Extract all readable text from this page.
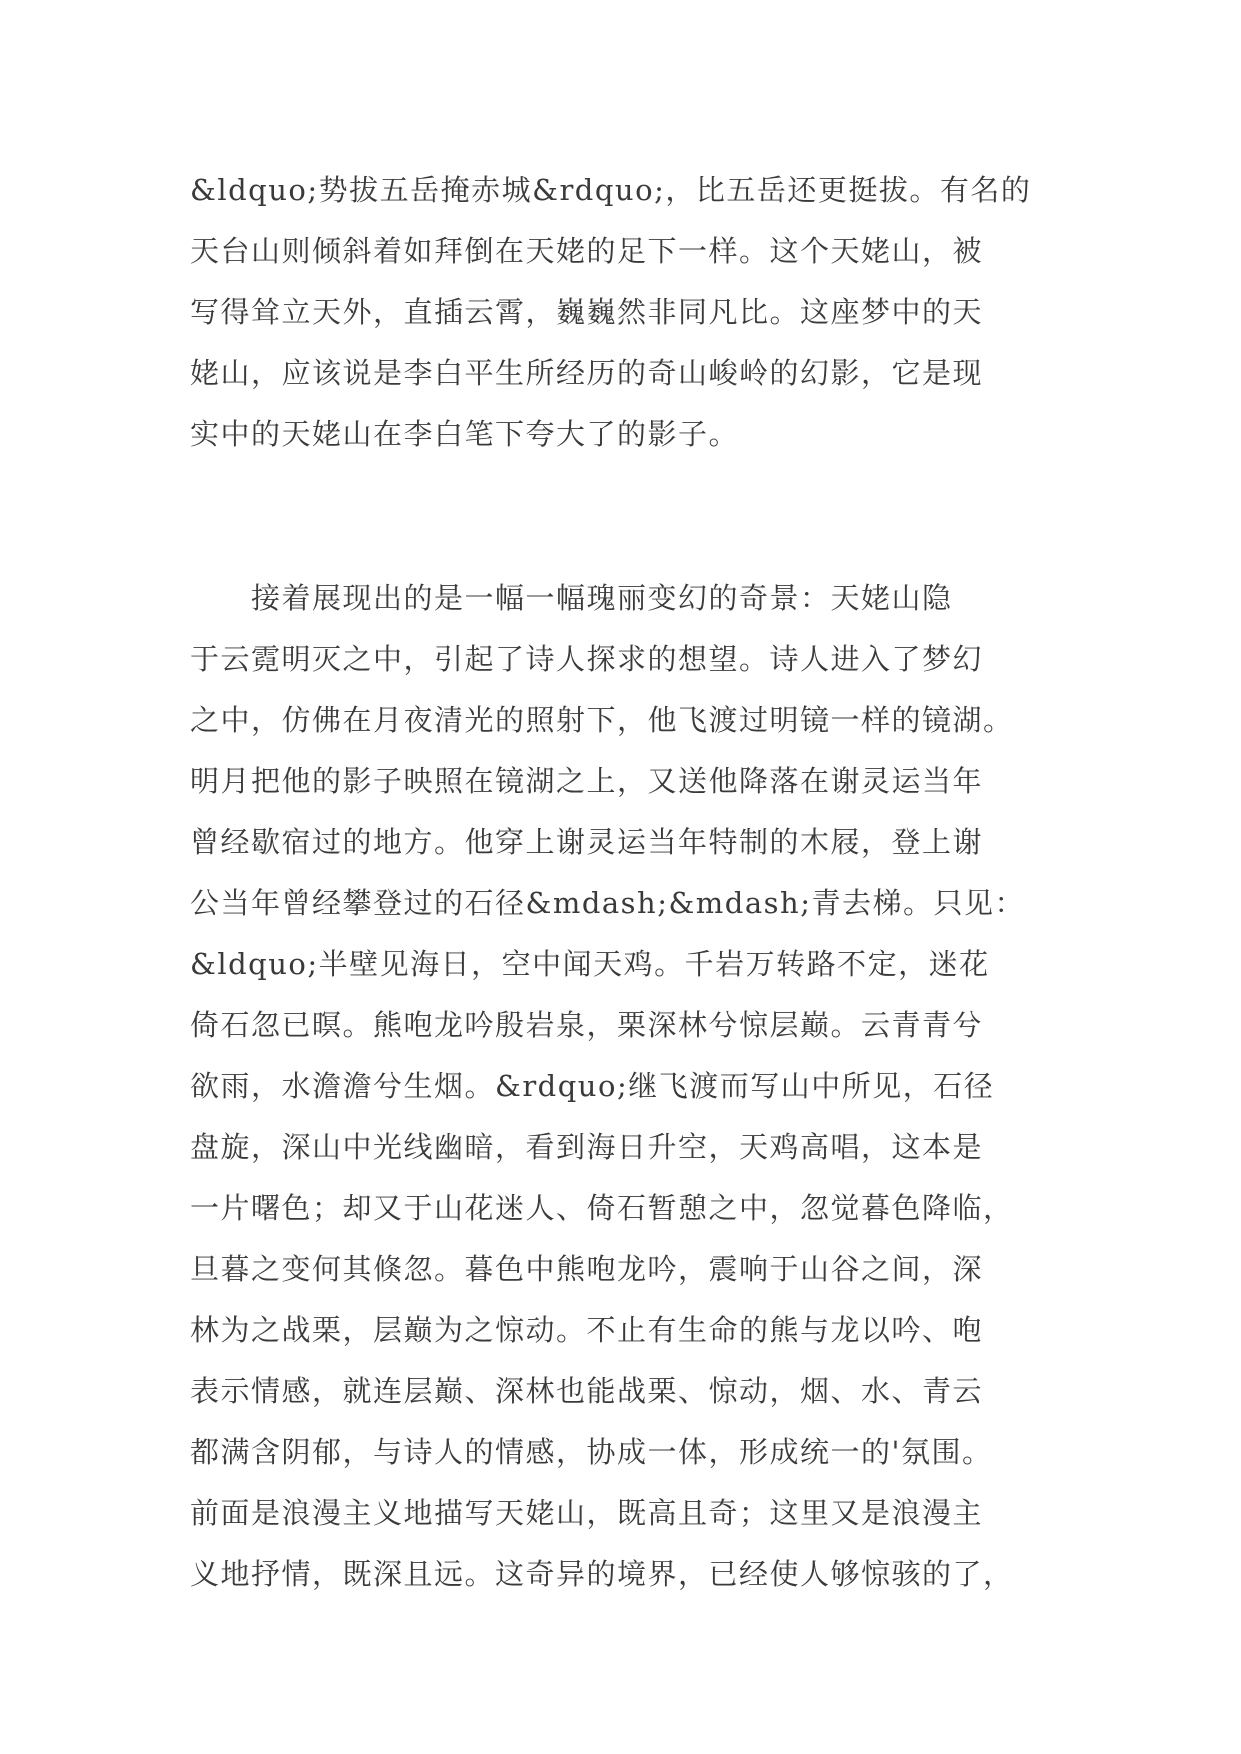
&ldquo;势拔五岳掩赤城&rdquo;，比五岳还更挺拔。有名的
天台山则倾斜着如拜倒在天姥的足下一样。这个天姥山，被
写得耸立天外，直插云霄，巍巍然非同凡比。这座梦中的天
姥山，应该说是李白平生所经历的奇山峻岭的幻影，它是现
实中的天姥山在李白笔下夸大了的影子。
　　接着展现出的是一幅一幅瑰丽变幻的奇景：天姥山隐
于云霓明灭之中，引起了诗人探求的想望。诗人进入了梦幻
之中，仿佛在月夜清光的照射下，他飞渡过明镜一样的镜湖。
明月把他的影子映照在镜湖之上，又送他降落在谢灵运当年
曾经歇宿过的地方。他穿上谢灵运当年特制的木屐，登上谢
公当年曾经攀登过的石径&mdash;&mdash;青去梯。只见：
&ldquo;半壁见海日，空中闻天鸡。千岩万转路不定，迷花
倚石忽已暝。熊咆龙吟殷岩泉，栗深林兮惊层巅。云青青兮
欲雨，水澹澹兮生烟。&rdquo;继飞渡而写山中所见，石径
盘旋，深山中光线幽暗，看到海日升空，天鸡高唱，这本是
一片曙色；却又于山花迷人、倚石暂憩之中，忽觉暮色降临，
旦暮之变何其倏忽。暮色中熊咆龙吟，震响于山谷之间，深
林为之战栗，层巅为之惊动。不止有生命的熊与龙以吟、咆
表示情感，就连层巅、深林也能战栗、惊动，烟、水、青云
都满含阴郁，与诗人的情感，协成一体，形成统一的'氛围。
前面是浪漫主义地描写天姥山，既高且奇；这里又是浪漫主
义地抒情，既深且远。这奇异的境界，已经使人够惊骇的了，
